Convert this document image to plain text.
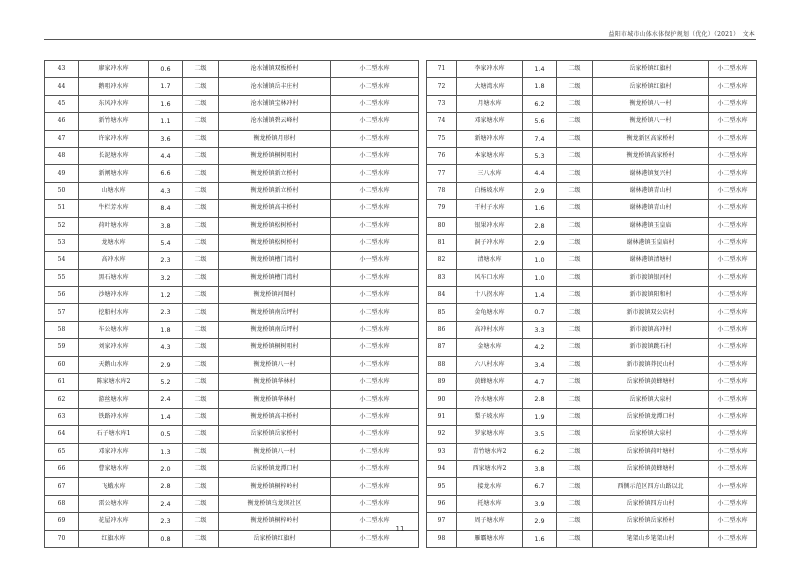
益阳市城市山体水体保护规划（优化）（2021）　文本
43	廖家冲水库	0.6	二级	沧水铺镇双板桥村	小二型水库
44	鹅咀冲水库	1.7	二级	沧水铺镇岳丰庄村	小二型水库
45	东风冲水库	1.6	二级	沧水铺镇宝林冲村	小二型水库
46	新竹塘水库	1.1	二级	沧水铺镇碧云峰村	小二型水库
47	许家冲水库	3.6	二级	衡龙桥镇月形村	小二型水库
48	长泥塘水库	4.4	二级	衡龙桥镇桐树咀村	小二型水库
49	新闸塘水库	6.6	二级	衡龙桥镇新立桥村	小二型水库
50	山塘水库	4.3	二级	衡龙桥镇新立桥村	小二型水库
51	牛栏芳水库	8.4	二级	衡龙桥镇高丰桥村	小二型水库
52	荷叶塘水库	3.8	二级	衡龙桥镇松树桥村	小二型水库
53	龙塘水库	5.4	二级	衡龙桥镇松树桥村	小二型水库
54	高冲水库	2.3	二级	衡龙桥镇槽门湾村	小一型水库
55	黑石塘水库	3.2	二级	衡龙桥镇槽门湾村	小二型水库
56	沙塘冲水库	1.2	二级	衡龙桥镇河图村	小二型水库
57	挖船村水库	2.3	二级	衡龙桥镇南岳坪村	小二型水库
58	车公塘水库	1.8	二级	衡龙桥镇南岳坪村	小二型水库
59	刘家冲水库	4.3	二级	衡龙桥镇桐树咀村	小二型水库
60	天鹅山水库	2.9	二级	衡龙桥镇八一村	小二型水库
61	陈家塘水库2	5.2	二级	衡龙桥镇华林村	小二型水库
62	游丝塘水库	2.4	二级	衡龙桥镇华林村	小二型水库
63	铁路冲水库	1.4	二级	衡龙桥镇高丰桥村	小二型水库
64	石子塘水库1	0.5	二级	岳家桥镇岳家桥村	小二型水库
65	邓家冲水库	1.3	二级	衡龙桥镇八一村	小二型水库
66	曹家塘水库	2.0	二级	岳家桥镇龙潭口村	小二型水库
67	飞蛾水库	2.8	二级	衡龙桥镇桐梓岭村	小二型水库
68	雷公塘水库	2.4	二级	衡龙桥镇乌龙坝社区	小二型水库
69	花屋冲水库	2.3	二级	衡龙桥镇桐梓岭村	小二型水库
70	红旗水库	0.8	二级	岳家桥镇红旗村	小二型水库
71	李家冲水库	1.4	二级	岳家桥镇红旗村	小二型水库
72	大塘湾水库	1.8	二级	岳家桥镇红旗村	小二型水库
73	月塘水库	6.2	二级	衡龙桥镇八一村	小二型水库
74	邓家塘水库	5.6	二级	衡龙桥镇八一村	小二型水库
75	新塘冲水库	7.4	二级	衡龙新区高家桥村	小二型水库
76	本家塘水库	5.3	二级	衡龙桥镇高家桥村	小二型水库
77	三八水库	4.4	二级	谢林港镇复兴村	小二型水库
78	白杨坡水库	2.9	二级	谢林港镇青山村	小二型水库
79	干村子水库	1.6	二级	谢林港镇青山村	小二型水库
80	银果冲水库	2.8	二级	谢林港镇玉皇庙	小二型水库
81	洞子冲水库	2.9	二级	谢林港镇玉皇庙村	小二型水库
82	清塘水库	1.0	二级	谢林港镇清塘村	小二型水库
83	风车口水库	1.0	二级	新市渡镇银河村	小二型水库
84	十八拐水库	1.4	二级	新市渡镇阳和村	小二型水库
85	金龟塘水库	0.7	二级	新市渡镇双公店村	小二型水库
86	高冲村水库	3.3	二级	新市渡镇高冲村	小二型水库
87	金塘水库	4.2	二级	新市渡镇跳石村	小二型水库
88	六八村水库	3.4	二级	新市渡镇莽民山村	小二型水库
89	黄蜂塘水库	4.7	二级	岳家桥镇黄蜂塘村	小二型水库
90	冷水塘水库	2.8	二级	岳家桥镇大泉村	小二型水库
91	梨子坡水库	1.9	二级	岳家桥镇龙潭口村	小二型水库
92	罗家塘水库	3.5	二级	岳家桥镇大泉村	小二型水库
93	青竹塘水库2	6.2	二级	岳家桥镇荷叶塘村	小二型水库
94	西家塘水库2	3.8	二级	岳家桥镇黄蜂塘村	小二型水库
95	接龙水库	6.7	二级	西侧示范区四方山路以北	小一型水库
96	托塘水库	3.9	二级	岳家桥镇四方山村	小二型水库
97	周子塘水库	2.9	二级	岳家桥镇岳家桥村	小二型水库
98	雁霸塘水库	1.6	二级	笔架山乡笔架山村	小二型水库
11
